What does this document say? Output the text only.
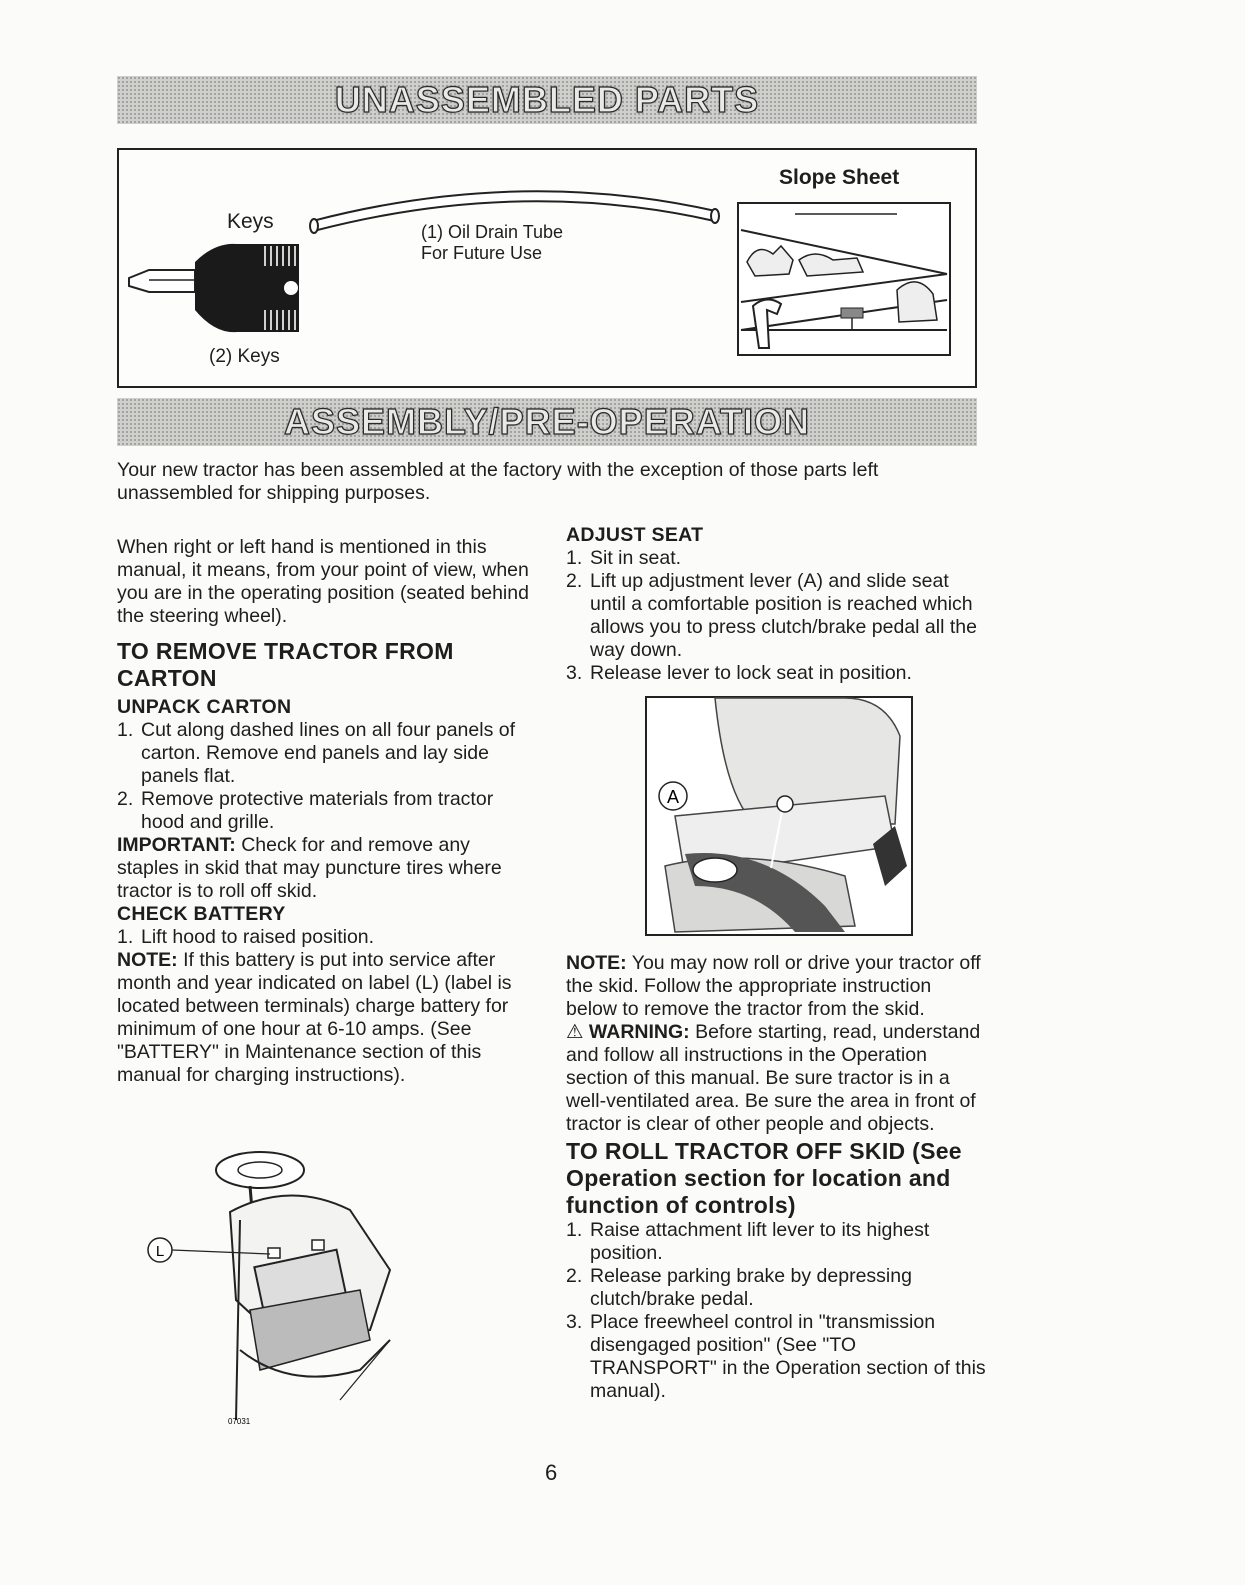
UNASSEMBLED PARTS
Keys
(2) Keys
(1) Oil Drain Tube
For Future Use
Slope Sheet
ASSEMBLY/PRE-OPERATION
Your new tractor has been assembled at the factory with the exception of those parts left unassembled for shipping purposes.

When right or left hand is mentioned in this manual, it means, from your point of view, when you are in the operating position (seated behind the steering wheel).

TO REMOVE TRACTOR FROM CARTON

UNPACK CARTON

1. Cut along dashed lines on all four panels of carton. Remove end panels and lay side panels flat.
2. Remove protective materials from tractor hood and grille.

IMPORTANT: Check for and remove any staples in skid that may puncture tires where tractor is to roll off skid.

CHECK BATTERY

1. Lift hood to raised position.

NOTE: If this battery is put into service after month and year indicated on label (L) (label is located between terminals) charge battery for minimum of one hour at 6-10 amps. (See "BATTERY" in Maintenance section of this manual for charging instructions).

L
07031

ADJUST SEAT

1. Sit in seat.
2. Lift up adjustment lever (A) and slide seat until a comfortable position is reached which allows you to press clutch/brake pedal all the way down.
3. Release lever to lock seat in position.
A

NOTE: You may now roll or drive your tractor off the skid. Follow the appropriate instruction below to remove the tractor from the skid.

⚠ WARNING: Before starting, read, understand and follow all instructions in the Operation section of this manual. Be sure tractor is in a well-ventilated area. Be sure the area in front of tractor is clear of other people and objects.

TO ROLL TRACTOR OFF SKID (See Operation section for location and function of controls)

1. Raise attachment lift lever to its highest position.
2. Release parking brake by depressing clutch/brake pedal.
3. Place freewheel control in "transmission disengaged position" (See "TO TRANSPORT" in the Operation section of this manual).
6
